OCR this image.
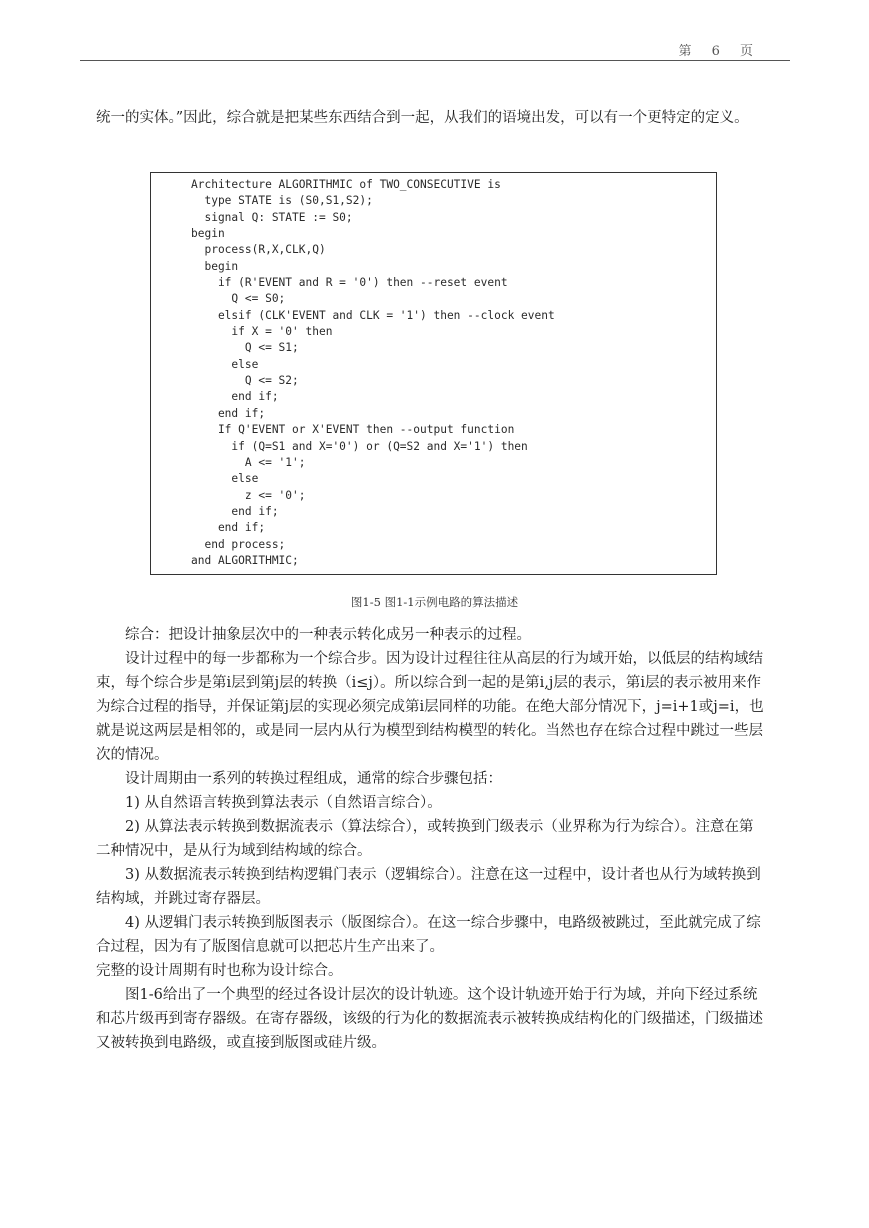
第 6 页
统一的实体。”因此，综合就是把某些东西结合到一起，从我们的语境出发，可以有一个更特定的定义。
Architecture ALGORITHMIC of TWO_CONSECUTIVE is
type STATE is (S0,S1,S2);
signal Q: STATE := S0;
begin
process(R,X,CLK,Q)
begin
if (R'EVENT and R = '0') then --reset event
Q <= S0;
elsif (CLK'EVENT and CLK = '1') then --clock event
if X = '0' then
Q <= S1;
else
Q <= S2;
end if;
end if;
If Q'EVENT or X'EVENT then --output function
if (Q=S1 and X='0') or (Q=S2 and X='1') then
A <= '1';
else
z <= '0';
end if;
end if;
end process;
and ALGORITHMIC;
图1-5 图1-1示例电路的算法描述
综合：把设计抽象层次中的一种表示转化成另一种表示的过程。
设计过程中的每一步都称为一个综合步。因为设计过程往往从高层的行为域开始，以低层的结构域结束，每个综合步是第i层到第j层的转换（i≤j）。所以综合到一起的是第i,j层的表示，第i层的表示被用来作为综合过程的指导，并保证第j层的实现必须完成第i层同样的功能。在绝大部分情况下，j=i+1或j=i，也就是说这两层是相邻的，或是同一层内从行为模型到结构模型的转化。当然也存在综合过程中跳过一些层次的情况。
设计周期由一系列的转换过程组成，通常的综合步骤包括：
1) 从自然语言转换到算法表示（自然语言综合）。
2) 从算法表示转换到数据流表示（算法综合），或转换到门级表示（业界称为行为综合）。注意在第二种情况中，是从行为域到结构域的综合。
3) 从数据流表示转换到结构逻辑门表示（逻辑综合）。注意在这一过程中，设计者也从行为域转换到结构域，并跳过寄存器层。
4) 从逻辑门表示转换到版图表示（版图综合）。在这一综合步骤中，电路级被跳过，至此就完成了综合过程，因为有了版图信息就可以把芯片生产出来了。
完整的设计周期有时也称为设计综合。
图1-6给出了一个典型的经过各设计层次的设计轨迹。这个设计轨迹开始于行为域，并向下经过系统和芯片级再到寄存器级。在寄存器级，该级的行为化的数据流表示被转换成结构化的门级描述，门级描述又被转换到电路级，或直接到版图或硅片级。
